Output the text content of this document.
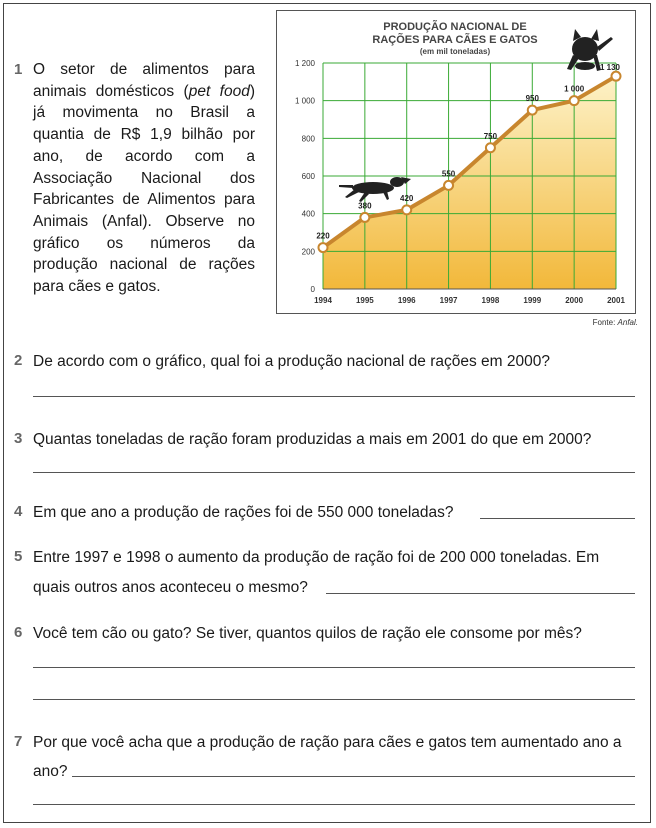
1 O setor de alimentos para animais domésticos (pet food) já movimenta no Brasil a quantia de R$ 1,9 bilhão por ano, de acordo com a Associação Nacional dos Fabricantes de Alimentos para Animais (Anfal). Observe no gráfico os números da produção nacional de rações para cães e gatos.
PRODUÇÃO NACIONAL DE
RAÇÕES PARA CÃES E GATOS
(em mil toneladas)
0
200
400
600
800
1 000
1 200
1994	1995	1996	1997	1998	1999	2000	2001
220
380
420
550
750
950
1 000
1 130
Fonte: Anfal.
2 De acordo com o gráfico, qual foi a produção nacional de rações em 2000?
3 Quantas toneladas de ração foram produzidas a mais em 2001 do que em 2000?
4 Em que ano a produção de rações foi de 550 000 toneladas?
5 Entre 1997 e 1998 o aumento da produção de ração foi de 200 000 toneladas. Em
quais outros anos aconteceu o mesmo?
6 Você tem cão ou gato? Se tiver, quantos quilos de ração ele consome por mês?
7 Por que você acha que a produção de ração para cães e gatos tem aumentado ano a
ano?
